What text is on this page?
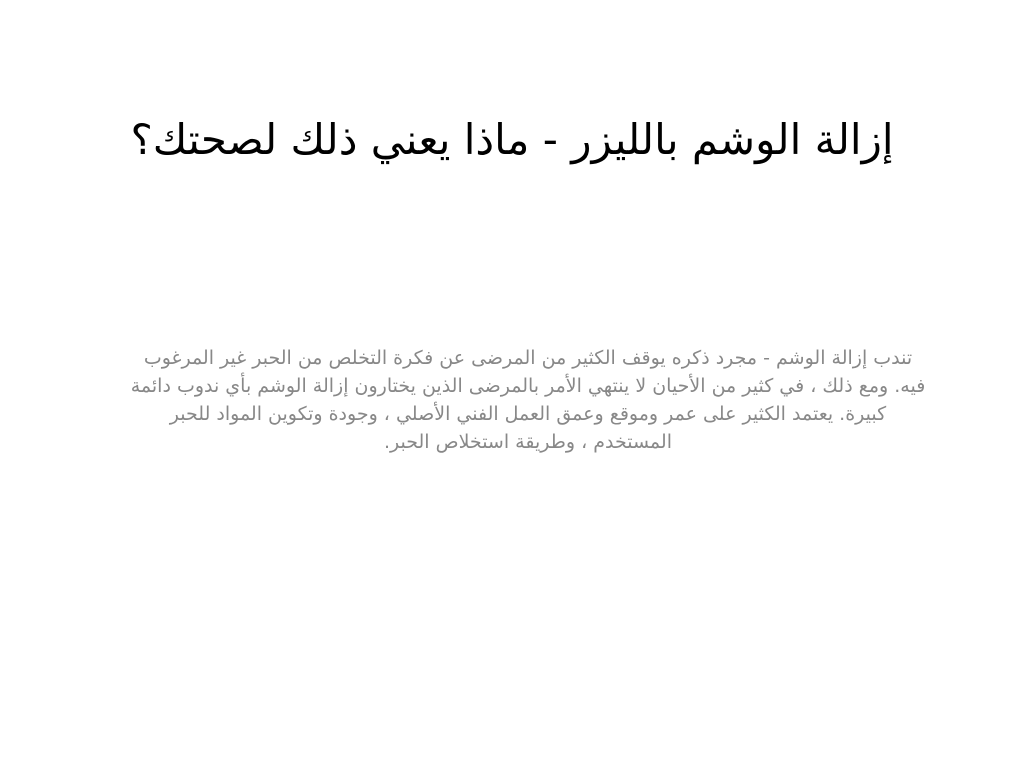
إزالة الوشم بالليزر - ماذا يعني ذلك لصحتك؟

تندب إزالة الوشم - مجرد ذكره يوقف الكثير من المرضى عن فكرة التخلص من الحبر غير المرغوب فيه. ومع ذلك ، في كثير من الأحيان لا ينتهي الأمر بالمرضى الذين يختارون إزالة الوشم بأي ندوب دائمة كبيرة. يعتمد الكثير على عمر وموقع وعمق العمل الفني الأصلي ، وجودة وتكوين المواد للحبر المستخدم ، وطريقة استخلاص الحبر.
